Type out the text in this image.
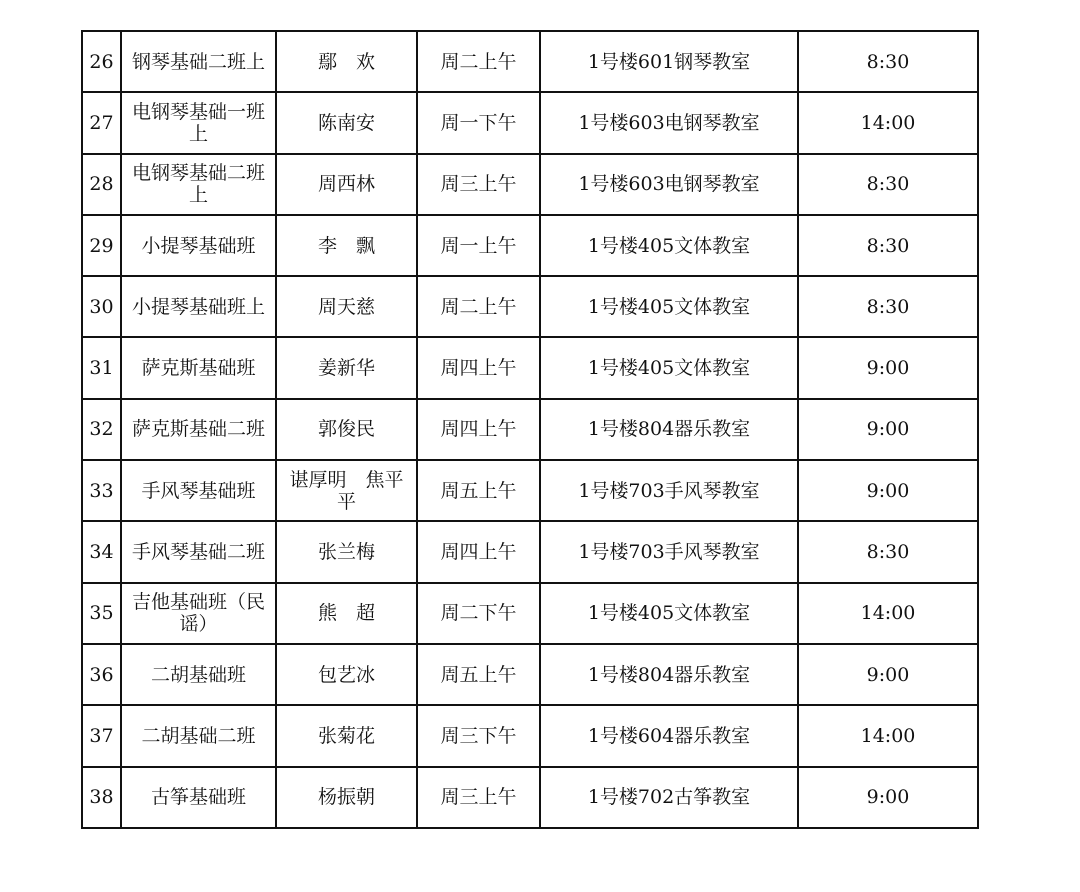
26	钢琴基础二班上	鄢　欢	周二上午	1号楼601钢琴教室	8:30
27	电钢琴基础一班上	陈南安	周一下午	1号楼603电钢琴教室	14:00
28	电钢琴基础二班上	周西林	周三上午	1号楼603电钢琴教室	8:30
29	小提琴基础班	李　飘	周一上午	1号楼405文体教室	8:30
30	小提琴基础班上	周天慈	周二上午	1号楼405文体教室	8:30
31	萨克斯基础班	姜新华	周四上午	1号楼405文体教室	9:00
32	萨克斯基础二班	郭俊民	周四上午	1号楼804器乐教室	9:00
33	手风琴基础班	谌厚明　焦平平	周五上午	1号楼703手风琴教室	9:00
34	手风琴基础二班	张兰梅	周四上午	1号楼703手风琴教室	8:30
35	吉他基础班（民谣）	熊　超	周二下午	1号楼405文体教室	14:00
36	二胡基础班	包艺冰	周五上午	1号楼804器乐教室	9:00
37	二胡基础二班	张菊花	周三下午	1号楼604器乐教室	14:00
38	古筝基础班	杨振朝	周三上午	1号楼702古筝教室	9:00
